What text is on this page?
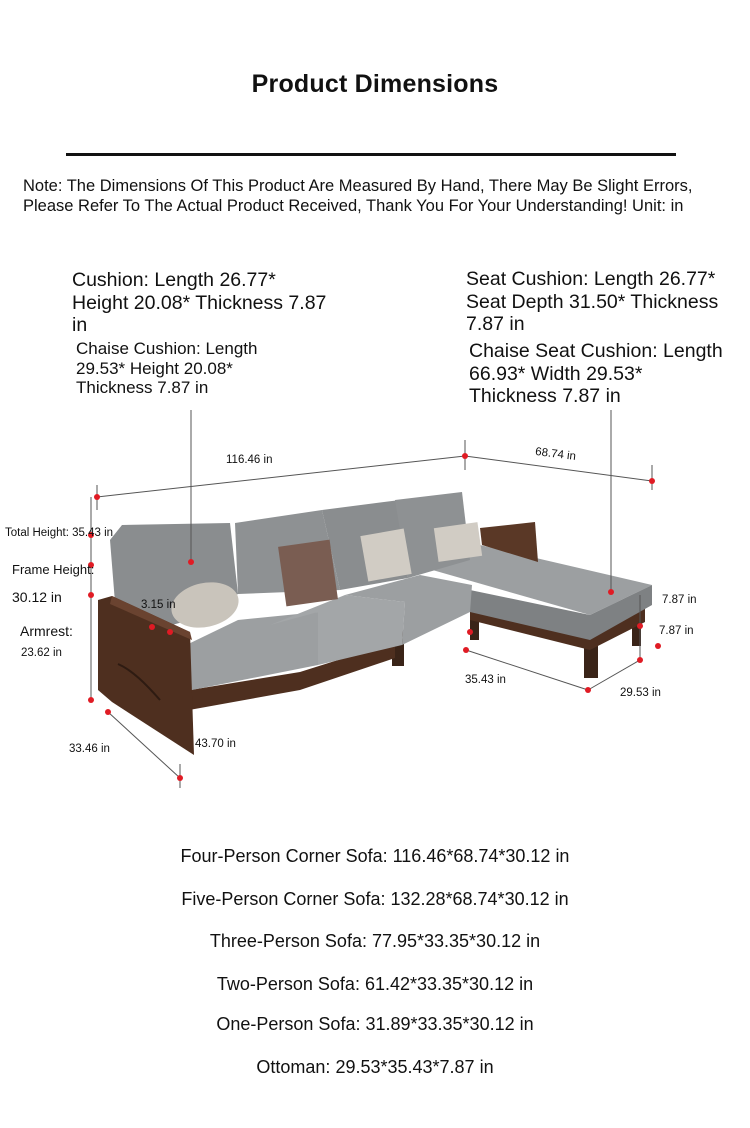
Product Dimensions
Note: The Dimensions Of This Product Are Measured By Hand, There May Be Slight Errors, Please Refer To The Actual Product Received, Thank You For Your Understanding! Unit: in
Cushion: Length 26.77* Height 20.08* Thickness 7.87 in
Chaise Cushion: Length 29.53* Height 20.08* Thickness 7.87 in
Seat Cushion: Length 26.77* Seat Depth 31.50* Thickness 7.87 in
Chaise Seat Cushion: Length 66.93* Width 29.53* Thickness 7.87 in
116.46 in	68.74 in
Total Height: 35.43 in
Frame Height:
30.12 in
Armrest:
23.62 in
3.15 in
33.46 in	43.70 in
7.87 in
7.87 in
35.43 in
29.53 in
Four-Person Corner Sofa: 116.46*68.74*30.12 in
Five-Person Corner Sofa: 132.28*68.74*30.12 in
Three-Person Sofa: 77.95*33.35*30.12 in
Two-Person Sofa: 61.42*33.35*30.12 in
One-Person Sofa: 31.89*33.35*30.12 in
Ottoman: 29.53*35.43*7.87 in
